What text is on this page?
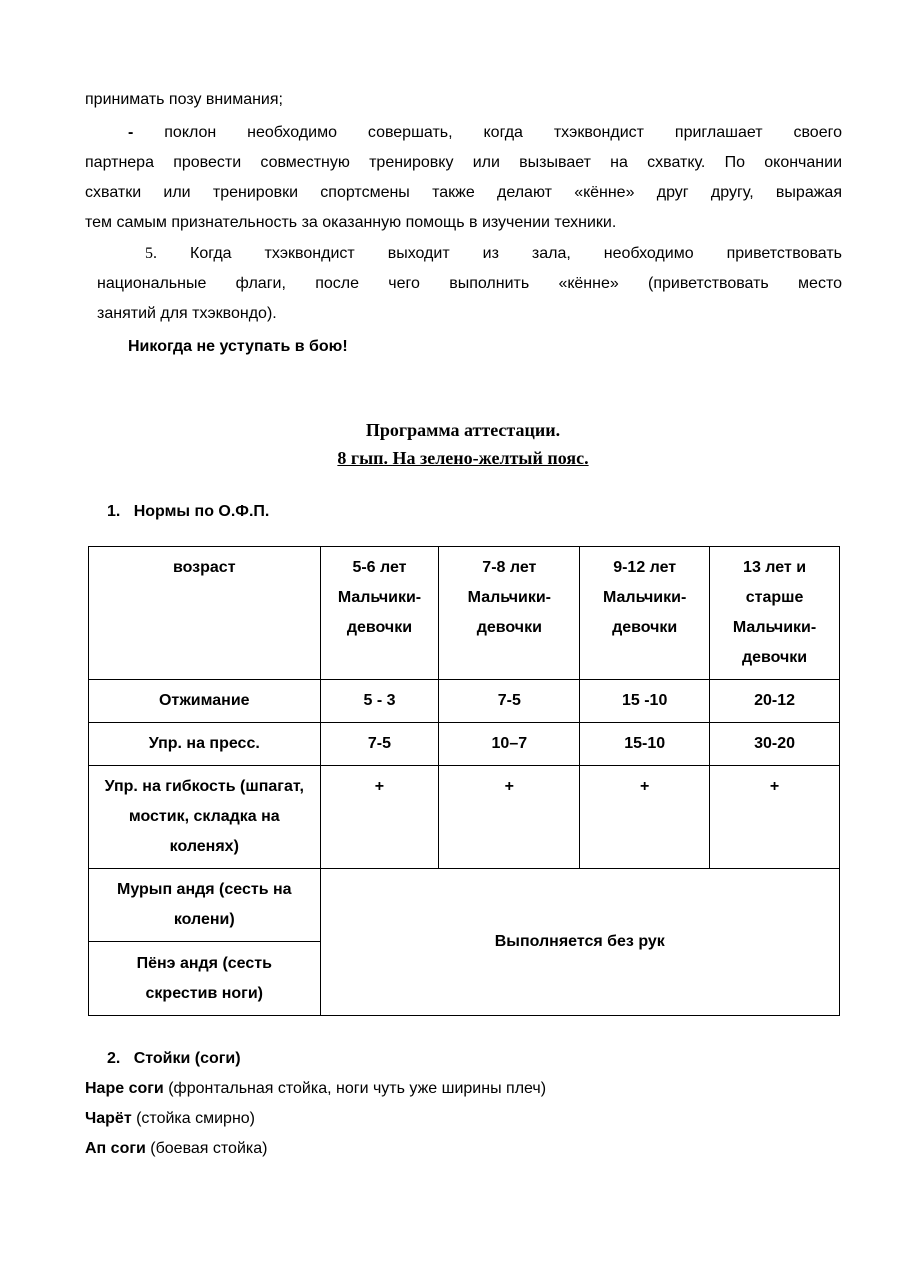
принимать позу внимания;
- поклон необходимо совершать, когда тхэквондист приглашает своего
партнера провести совместную тренировку или вызывает на схватку. По окончании
схватки или тренировки спортсмены также делают «кённе» друг другу, выражая
тем самым признательность за оказанную помощь в изучении техники.
5. Когда тхэквондист выходит из зала, необходимо приветствовать
национальные флаги, после чего выполнить «кённе» (приветствовать место
занятий для тхэквондо).
Никогда не уступать в бою!
Программа аттестации.
8 гып. На зелено-желтый пояс.
1. Нормы по О.Ф.П.
возраст	5-6 лет Мальчики-девочки	7-8 лет Мальчики-девочки	9-12 лет Мальчики-девочки	13 лет и старше Мальчики-девочки
Отжимание	5 - 3	7-5	15 -10	20-12
Упр. на пресс.	7-5	10–7	15-10	30-20
Упр. на гибкость (шпагат, мостик, складка на коленях)	+	+	+	+
Мурып андя (сесть на колени)	Выполняется без рук			
Пёнэ андя (сесть скрестив ноги)				
2. Стойки (соги)
Наре соги (фронтальная стойка, ноги чуть уже ширины плеч)
Чарёт (стойка смирно)
Ап соги (боевая стойка)
